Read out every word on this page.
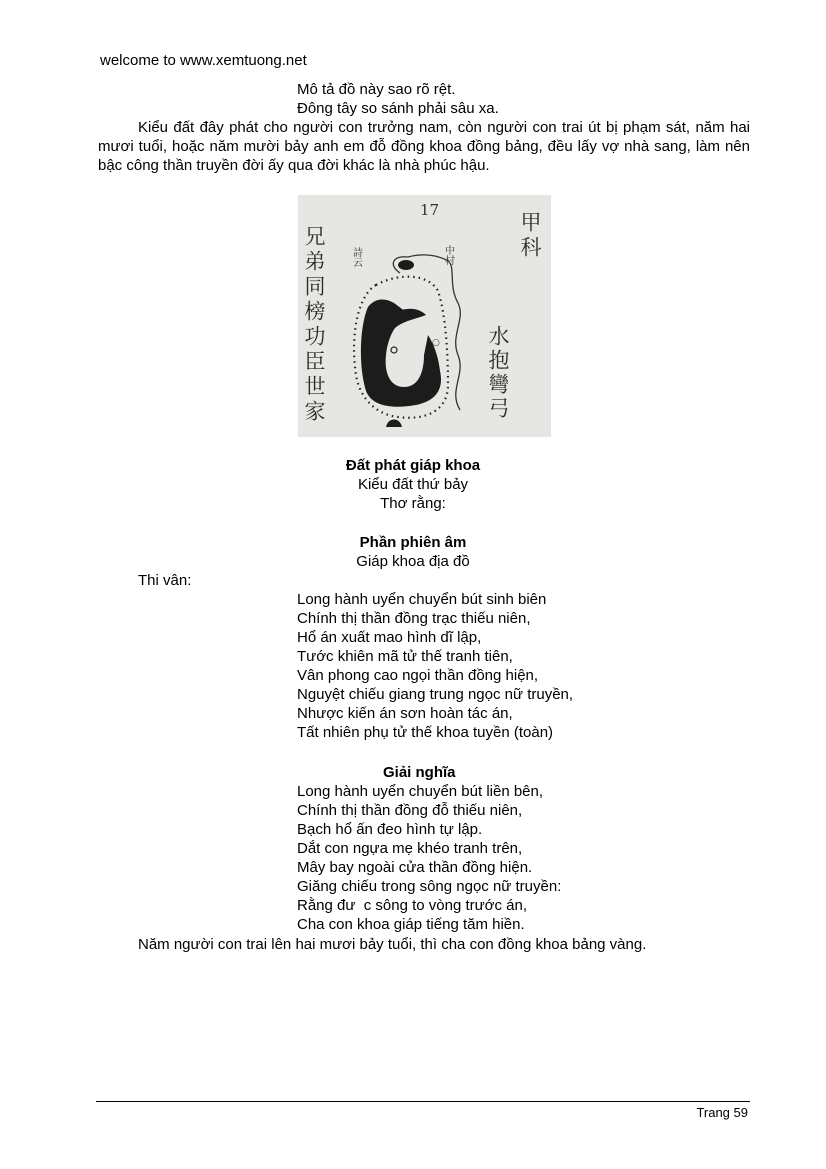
welcome to www.xemtuong.net
Mô tả đồ này sao rõ rệt.
Đông tây so sánh phải sâu xa.
Kiểu đất đây phát cho người con trưởng nam, còn người con trai út bị phạm sát, năm hai mươi tuổi, hoặc năm mười bảy anh em đỗ đồng khoa đồng bảng, đều lấy vợ nhà sang, làm nên bậc công thần truyền đời ấy qua đời khác là nhà phúc hậu.
○
17
兄弟同榜功臣世家	甲科
水抱彎弓
詩云	中村
Đất phát giáp khoa
Kiểu đất thứ bảy
Thơ rằng:
Phần phiên âm
Giáp khoa địa đồ
Thi vân:
Long hành uyển chuyển bút sinh biên
Chính thị thần đồng trạc thiếu niên,
Hổ án xuất mao hình dĩ lập,
Tước khiên mã tử thế tranh tiên,
Vân phong cao ngọi thần đồng hiện,
Nguyệt chiếu giang trung ngọc nữ truyền,
Nhược kiến án sơn hoàn tác án,
Tất nhiên phụ tử thế khoa tuyền (toàn)
Giải nghĩa
Long hành uyển chuyển bút liền bên,
Chính thị thần đồng đỗ thiếu niên,
Bạch hổ ấn đeo hình tự lập.
Dắt con ngựa mẹ khéo tranh trên,
Mây bay ngoài cửa thần đồng hiện.
Giăng chiếu trong sông ngọc nữ truyền:
Rằng đư  c sông to vòng trước án,
Cha con khoa giáp tiếng tăm hiền.
Năm người con trai lên hai mươi bảy tuổi, thì cha con đồng khoa bảng vàng.
Trang 59
